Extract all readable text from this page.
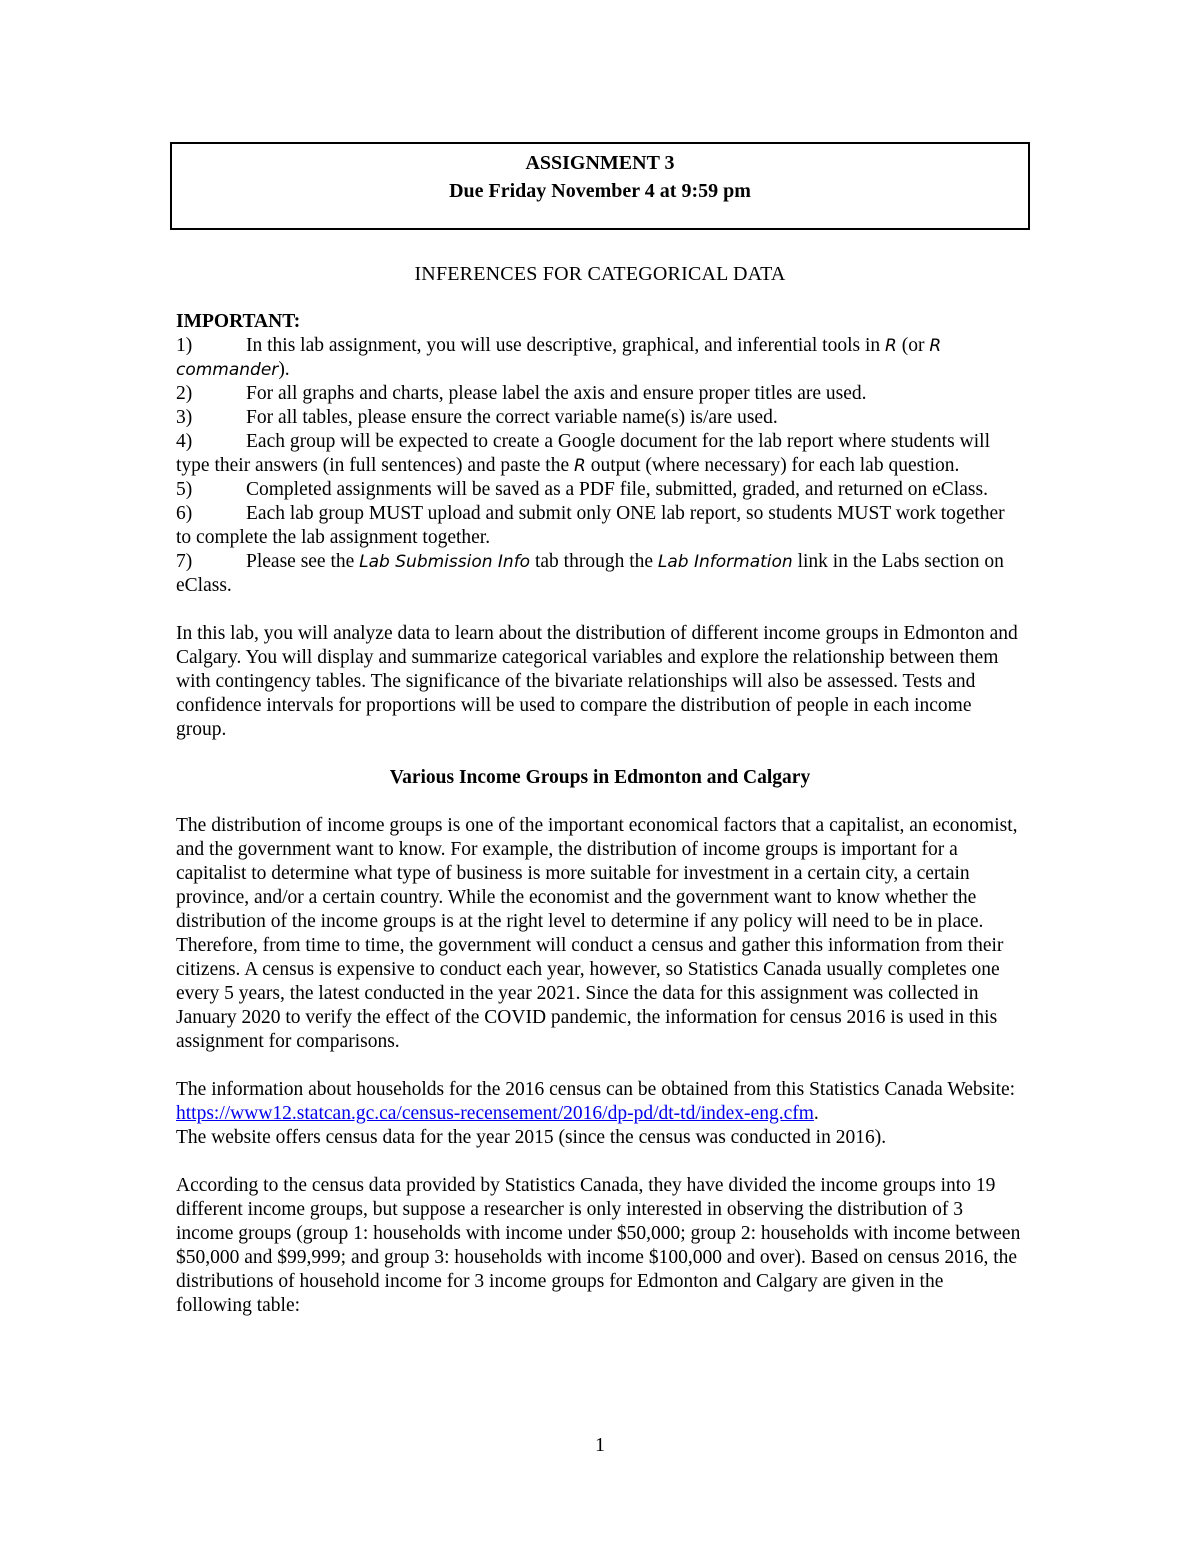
ASSIGNMENT 3
Due Friday November 4 at 9:59 pm

INFERENCES FOR CATEGORICAL DATA

IMPORTANT:

1)	In this lab assignment, you will use descriptive, graphical, and inferential tools in R (or R commander).

2)	For all graphs and charts, please label the axis and ensure proper titles are used.

3)	For all tables, please ensure the correct variable name(s) is/are used.

4)	Each group will be expected to create a Google document for the lab report where students will type their answers (in full sentences) and paste the R output (where necessary) for each lab question.

5)	Completed assignments will be saved as a PDF file, submitted, graded, and returned on eClass.

6)	Each lab group MUST upload and submit only ONE lab report, so students MUST work together to complete the lab assignment together.

7)	Please see the Lab Submission Info tab through the Lab Information link in the Labs section on eClass.

In this lab, you will analyze data to learn about the distribution of different income groups in Edmonton and Calgary. You will display and summarize categorical variables and explore the relationship between them with contingency tables. The significance of the bivariate relationships will also be assessed. Tests and confidence intervals for proportions will be used to compare the distribution of people in each income group.

Various Income Groups in Edmonton and Calgary

The distribution of income groups is one of the important economical factors that a capitalist, an economist, and the government want to know. For example, the distribution of income groups is important for a capitalist to determine what type of business is more suitable for investment in a certain city, a certain province, and/or a certain country. While the economist and the government want to know whether the distribution of the income groups is at the right level to determine if any policy will need to be in place. Therefore, from time to time, the government will conduct a census and gather this information from their citizens. A census is expensive to conduct each year, however, so Statistics Canada usually completes one every 5 years, the latest conducted in the year 2021. Since the data for this assignment was collected in January 2020 to verify the effect of the COVID pandemic, the information for census 2016 is used in this assignment for comparisons.

The information about households for the 2016 census can be obtained from this Statistics Canada Website: https://www12.statcan.gc.ca/census-recensement/2016/dp-pd/dt-td/index-eng.cfm.
The website offers census data for the year 2015 (since the census was conducted in 2016).

According to the census data provided by Statistics Canada, they have divided the income groups into 19 different income groups, but suppose a researcher is only interested in observing the distribution of 3 income groups (group 1: households with income under $50,000; group 2: households with income between $50,000 and $99,999; and group 3: households with income $100,000 and over). Based on census 2016, the distributions of household income for 3 income groups for Edmonton and Calgary are given in the following table:

1
